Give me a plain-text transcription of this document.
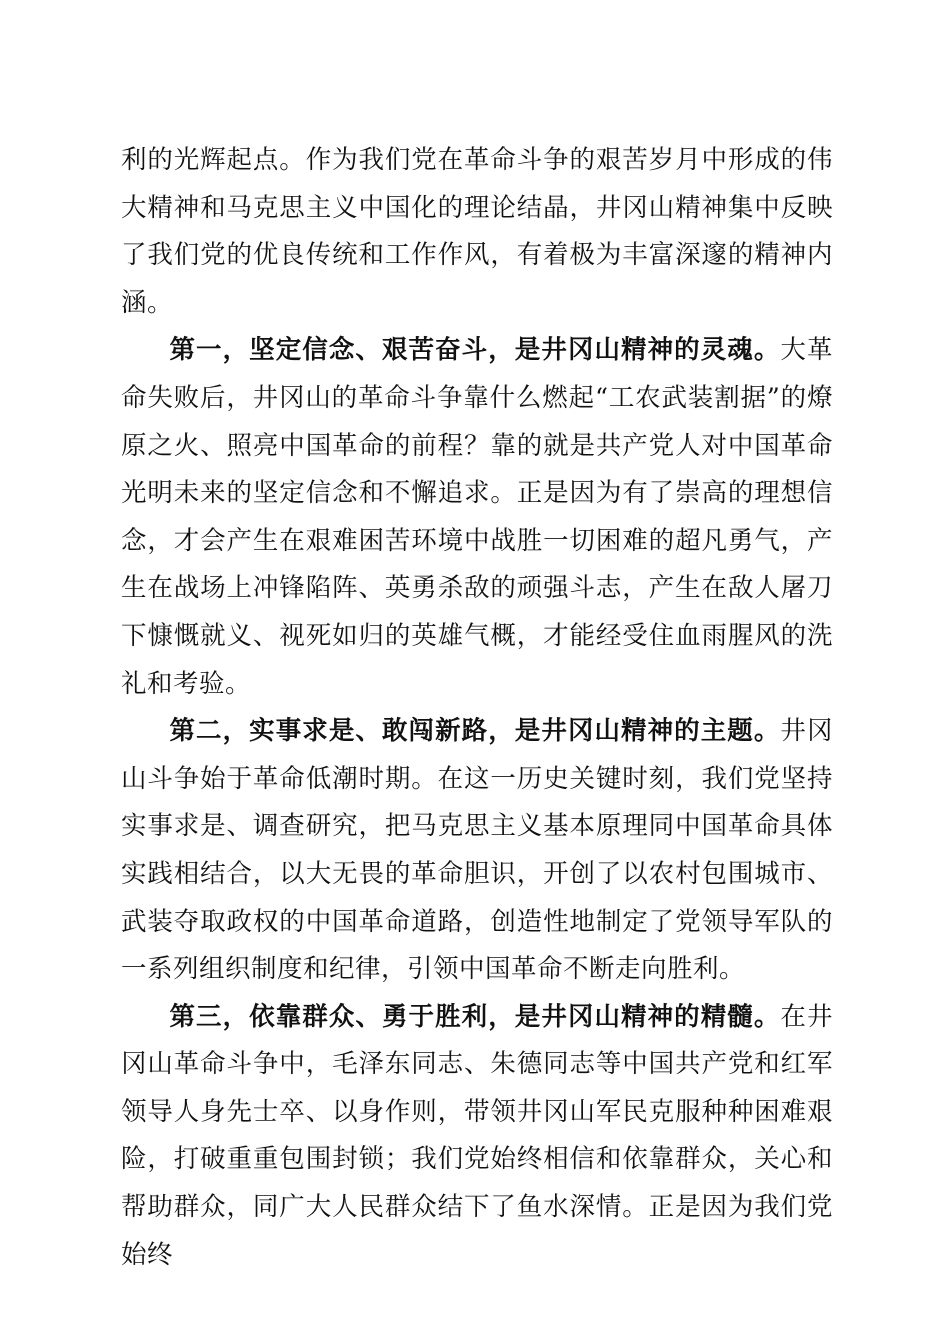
利的光辉起点。作为我们党在革命斗争的艰苦岁月中形成的伟大精神和马克思主义中国化的理论结晶，井冈山精神集中反映了我们党的优良传统和工作作风，有着极为丰富深邃的精神内涵。

第一，坚定信念、艰苦奋斗，是井冈山精神的灵魂。大革命失败后，井冈山的革命斗争靠什么燃起“工农武装割据”的燎原之火、照亮中国革命的前程？靠的就是共产党人对中国革命光明未来的坚定信念和不懈追求。正是因为有了崇高的理想信念，才会产生在艰难困苦环境中战胜一切困难的超凡勇气，产生在战场上冲锋陷阵、英勇杀敌的顽强斗志，产生在敌人屠刀下慷慨就义、视死如归的英雄气概，才能经受住血雨腥风的洗礼和考验。

第二，实事求是、敢闯新路，是井冈山精神的主题。井冈山斗争始于革命低潮时期。在这一历史关键时刻，我们党坚持实事求是、调查研究，把马克思主义基本原理同中国革命具体实践相结合，以大无畏的革命胆识，开创了以农村包围城市、武装夺取政权的中国革命道路，创造性地制定了党领导军队的一系列组织制度和纪律，引领中国革命不断走向胜利。

第三，依靠群众、勇于胜利，是井冈山精神的精髓。在井冈山革命斗争中，毛泽东同志、朱德同志等中国共产党和红军领导人身先士卒、以身作则，带领井冈山军民克服种种困难艰险，打破重重包围封锁；我们党始终相信和依靠群众，关心和帮助群众，同广大人民群众结下了鱼水深情。正是因为我们党始终
